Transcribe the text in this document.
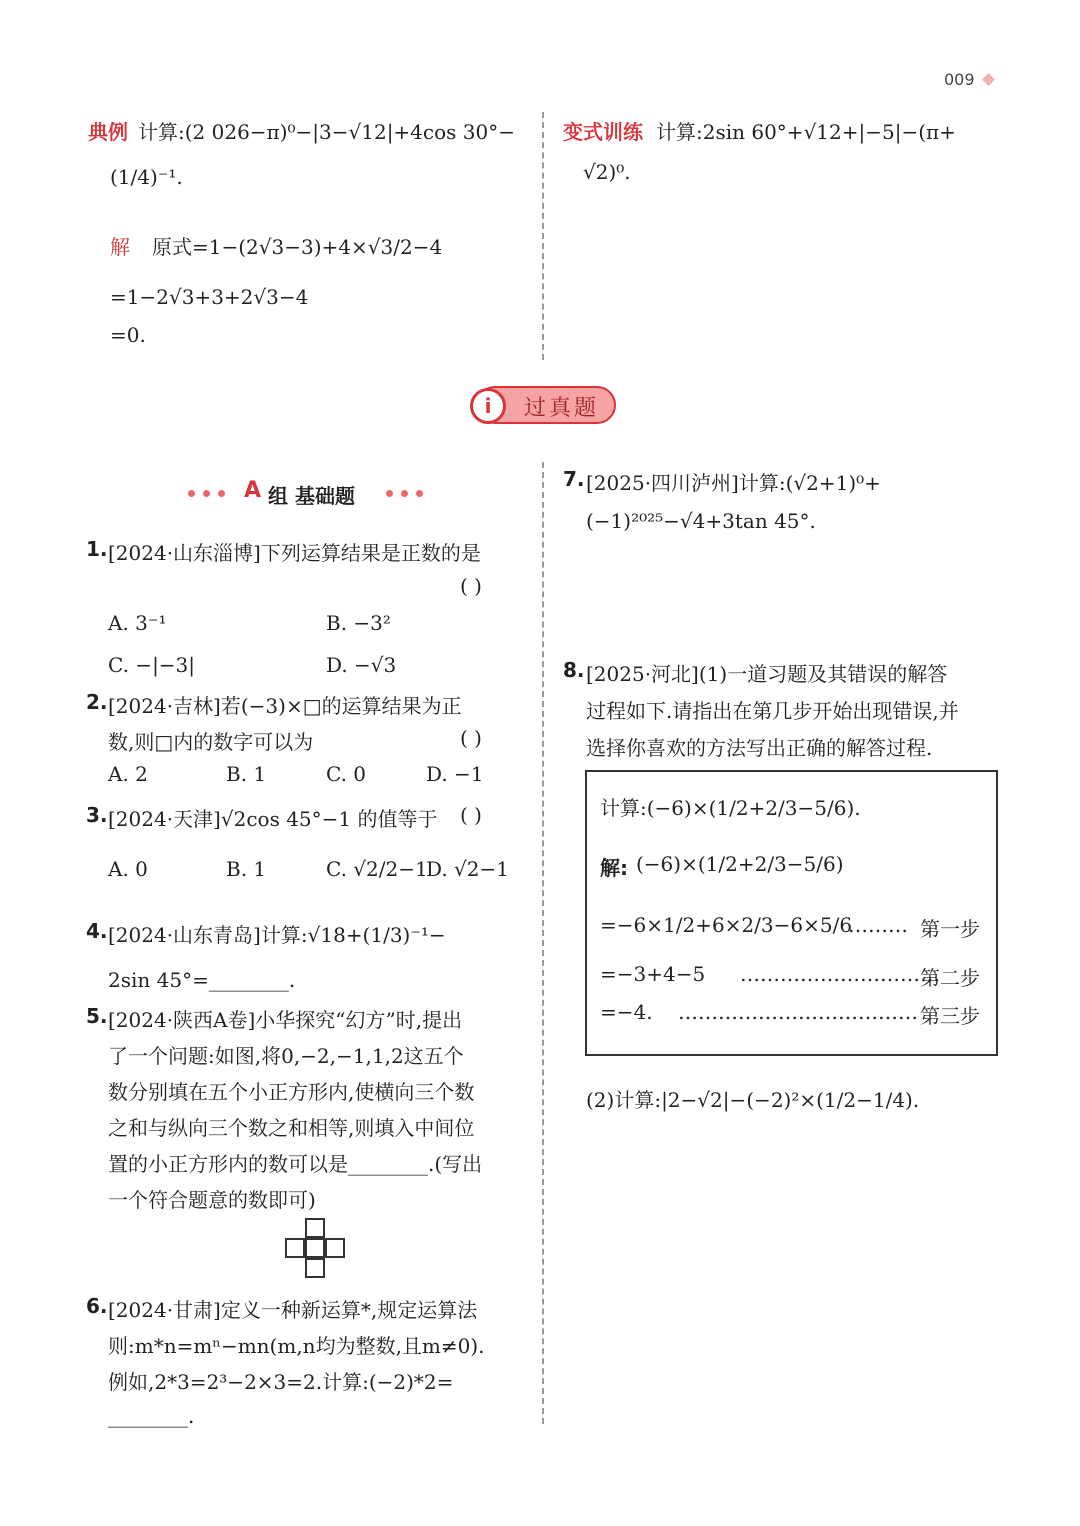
009
典例 计算:(2 026−π)⁰−|3−√12|+4cos 30°−
(1/4)⁻¹.
解 原式=1−(2√3−3)+4×√3/2−4
=1−2√3+3+2√3−4
=0.
变式训练 计算:2sin 60°+√12+|−5|−(π+
√2)⁰.
i	过真题
A 组 基础题
1. [2024·山东淄博]下列运算结果是正数的是
( )
A. 3⁻¹	B. −3²
C. −|−3|	D. −√3
2. [2024·吉林]若(−3)×□的运算结果为正
数,则□内的数字可以为	( )
A. 2	B. 1	C. 0	D. −1
3. [2024·天津]√2cos 45°−1 的值等于 ( )
A. 0	B. 1	C. √2/2−1
D. √2−1
4. [2024·山东青岛]计算:√18+(1/3)⁻¹−
2sin 45°=________.
5. [2024·陕西A卷]小华探究“幻方”时,提出
了一个问题:如图,将0,−2,−1,1,2这五个
数分别填在五个小正方形内,使横向三个数
之和与纵向三个数之和相等,则填入中间位
置的小正方形内的数可以是________.(写出
一个符合题意的数即可)
6. [2024·甘肃]定义一种新运算*,规定运算法
则:m*n=mⁿ−mn(m,n均为整数,且m≠0).
例如,2*3=2³−2×3=2.计算:(−2)*2=
________.
7. [2025·四川泸州]计算:(√2+1)⁰+
(−1)²⁰²⁵−√4+3tan 45°.
8. [2025·河北](1)一道习题及其错误的解答
过程如下.请指出在第几步开始出现错误,并
选择你喜欢的方法写出正确的解答过程.
计算:(−6)×(1/2+2/3−5/6).
解: (−6)×(1/2+2/3−5/6)
=−6×1/2+6×2/3−6×5/6
……… 第一步
=−3+4−5 …………………………
第二步
=−4. ……………………………… 第三步
(2)计算:|2−√2|−(−2)²×(1/2−1/4).
